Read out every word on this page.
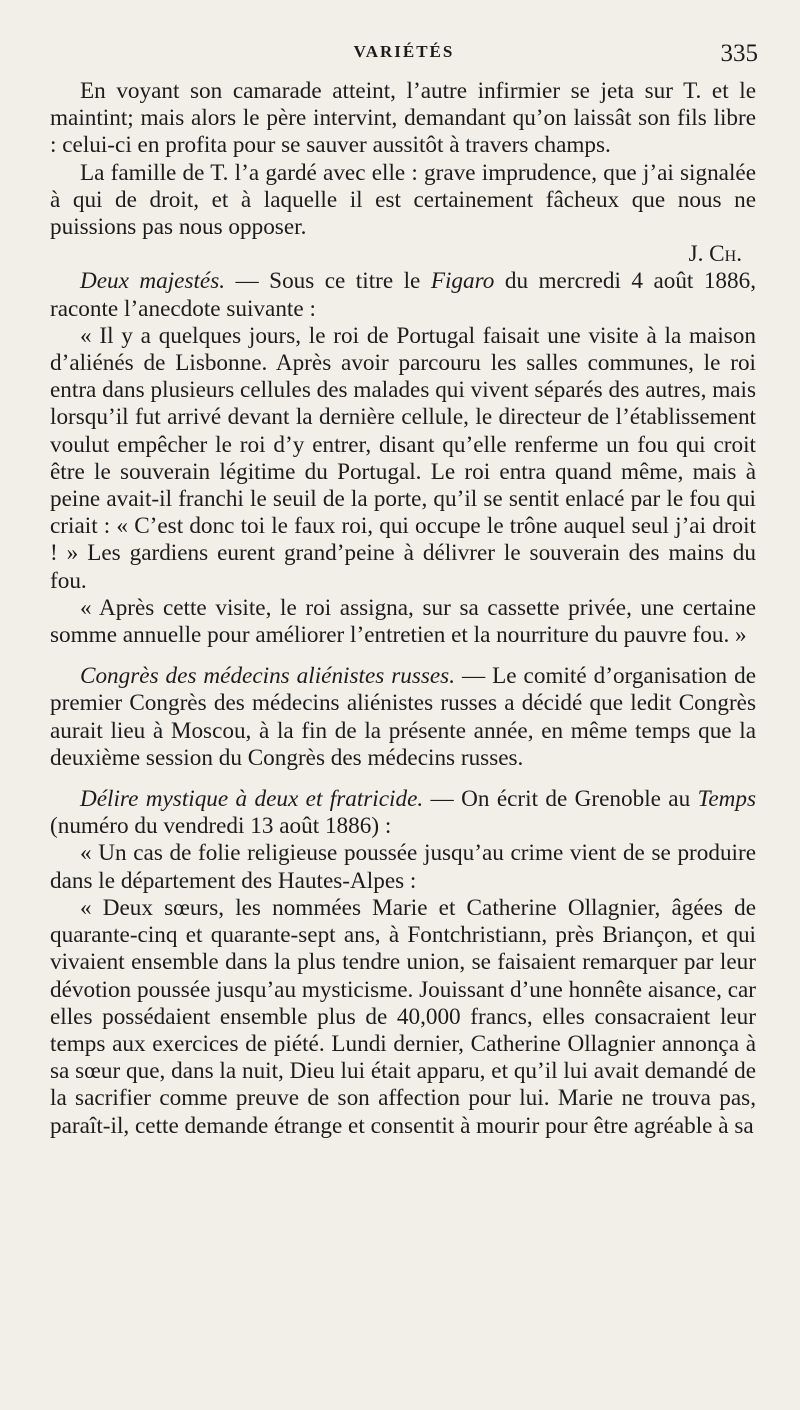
VARIÉTÉS	335

En voyant son camarade atteint, l’autre infirmier se jeta sur T. et le maintint; mais alors le père intervint, demandant qu’on laissât son fils libre : celui-ci en profita pour se sauver aussitôt à travers champs.

La famille de T. l’a gardé avec elle : grave imprudence, que j’ai signalée à qui de droit, et à laquelle il est certainement fâcheux que nous ne puissions pas nous opposer.

J. Ch.

Deux majestés. — Sous ce titre le Figaro du mercredi 4 août 1886, raconte l’anecdote suivante :

« Il y a quelques jours, le roi de Portugal faisait une visite à la maison d’aliénés de Lisbonne. Après avoir parcouru les salles communes, le roi entra dans plusieurs cellules des malades qui vivent séparés des autres, mais lorsqu’il fut arrivé devant la dernière cellule, le directeur de l’établissement voulut empêcher le roi d’y entrer, disant qu’elle renferme un fou qui croit être le souverain légitime du Portugal. Le roi entra quand même, mais à peine avait-il franchi le seuil de la porte, qu’il se sentit enlacé par le fou qui criait : « C’est donc toi le faux roi, qui occupe le trône auquel seul j’ai droit ! » Les gardiens eurent grand’peine à délivrer le souverain des mains du fou.

« Après cette visite, le roi assigna, sur sa cassette privée, une certaine somme annuelle pour améliorer l’entretien et la nourriture du pauvre fou. »

Congrès des médecins aliénistes russes. — Le comité d’organisation de premier Congrès des médecins aliénistes russes a décidé que ledit Congrès aurait lieu à Moscou, à la fin de la présente année, en même temps que la deuxième session du Congrès des médecins russes.

Délire mystique à deux et fratricide. — On écrit de Grenoble au Temps (numéro du vendredi 13 août 1886) :

« Un cas de folie religieuse poussée jusqu’au crime vient de se produire dans le département des Hautes-Alpes :

« Deux sœurs, les nommées Marie et Catherine Ollagnier, âgées de quarante-cinq et quarante-sept ans, à Fontchristiann, près Briançon, et qui vivaient ensemble dans la plus tendre union, se faisaient remarquer par leur dévotion poussée jusqu’au mysticisme. Jouissant d’une honnête aisance, car elles possédaient ensemble plus de 40,000 francs, elles consacraient leur temps aux exercices de piété. Lundi dernier, Catherine Ollagnier annonça à sa sœur que, dans la nuit, Dieu lui était apparu, et qu’il lui avait demandé de la sacrifier comme preuve de son affection pour lui. Marie ne trouva pas, paraît-il, cette demande étrange et consentit à mourir pour être agréable à sa
